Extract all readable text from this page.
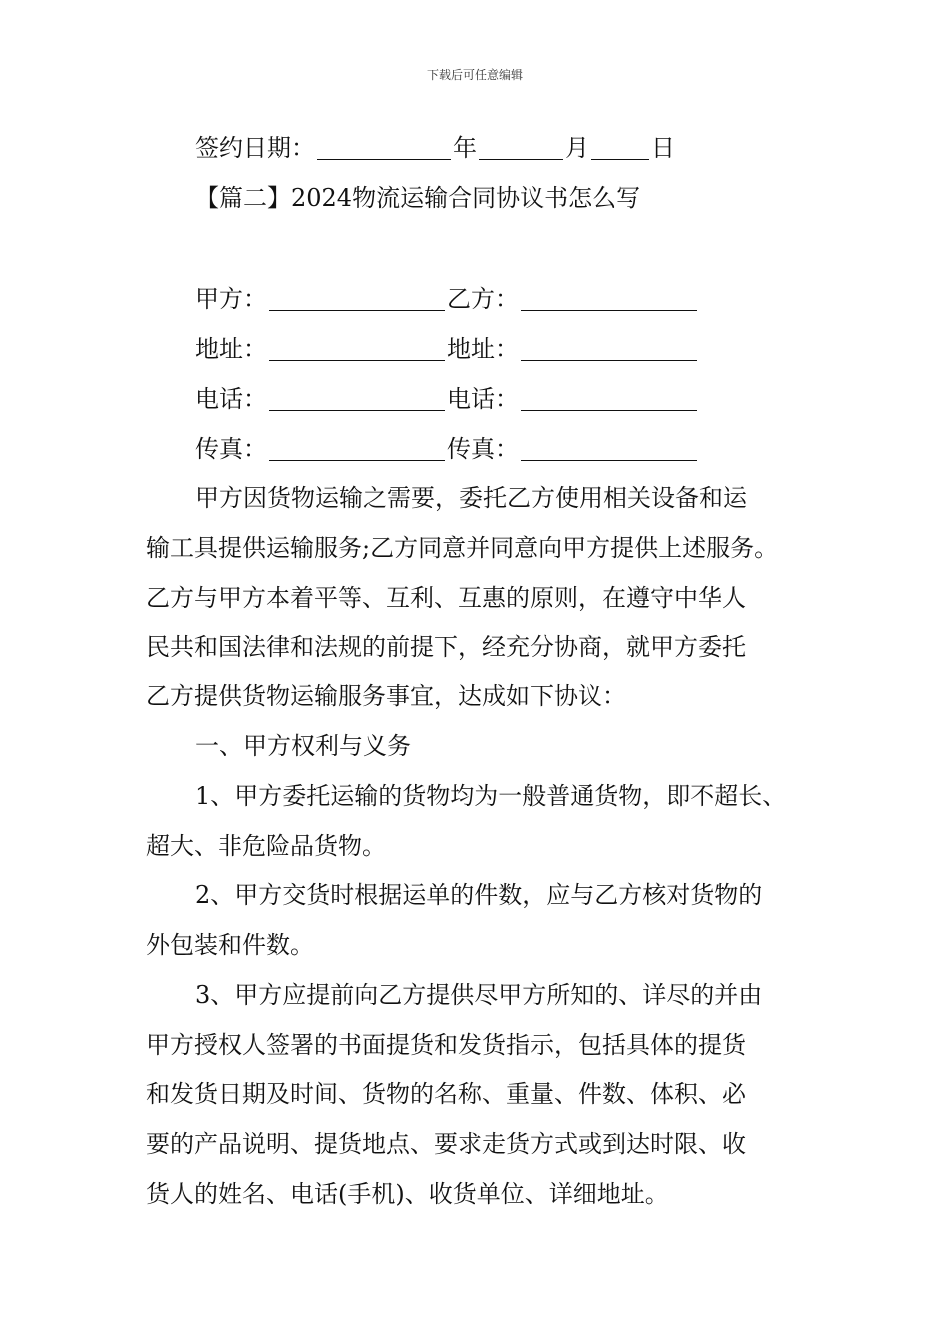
下载后可任意编辑
签约日期：	年	月	日
【篇二】2024物流运输合同协议书怎么写
甲方：	乙方：
地址：	地址：
电话：	电话：
传真：	传真：
甲方因货物运输之需要，委托乙方使用相关设备和运
输工具提供运输服务;乙方同意并同意向甲方提供上述服务。
乙方与甲方本着平等、互利、互惠的原则，在遵守中华人
民共和国法律和法规的前提下，经充分协商，就甲方委托
乙方提供货物运输服务事宜，达成如下协议：
一、甲方权利与义务
1、甲方委托运输的货物均为一般普通货物，即不超长、
超大、非危险品货物。
2、甲方交货时根据运单的件数，应与乙方核对货物的
外包装和件数。
3、甲方应提前向乙方提供尽甲方所知的、详尽的并由
甲方授权人签署的书面提货和发货指示，包括具体的提货
和发货日期及时间、货物的名称、重量、件数、体积、必
要的产品说明、提货地点、要求走货方式或到达时限、收
货人的姓名、电话(手机)、收货单位、详细地址。
